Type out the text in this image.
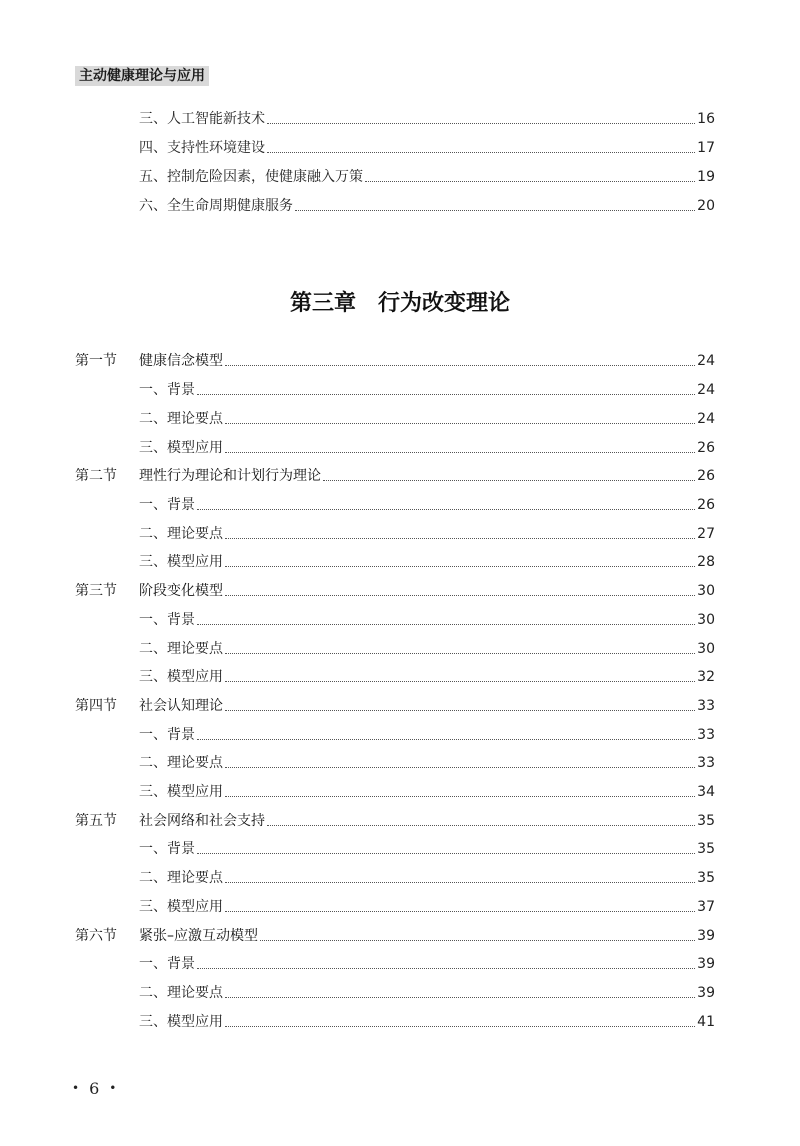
主动健康理论与应用
三、人工智能新技术	16
四、支持性环境建设	17
五、控制危险因素，使健康融入万策	19
六、全生命周期健康服务	20
第三章 行为改变理论
第一节	健康信念模型	24
一、背景	24
二、理论要点	24
三、模型应用	26
第二节	理性行为理论和计划行为理论	26
一、背景	26
二、理论要点	27
三、模型应用	28
第三节	阶段变化模型	30
一、背景	30
二、理论要点	30
三、模型应用	32
第四节	社会认知理论	33
一、背景	33
二、理论要点	33
三、模型应用	34
第五节	社会网络和社会支持	35
一、背景	35
二、理论要点	35
三、模型应用	37
第六节	紧张–应激互动模型	39
一、背景	39
二、理论要点	39
三、模型应用	41
• 6 •
